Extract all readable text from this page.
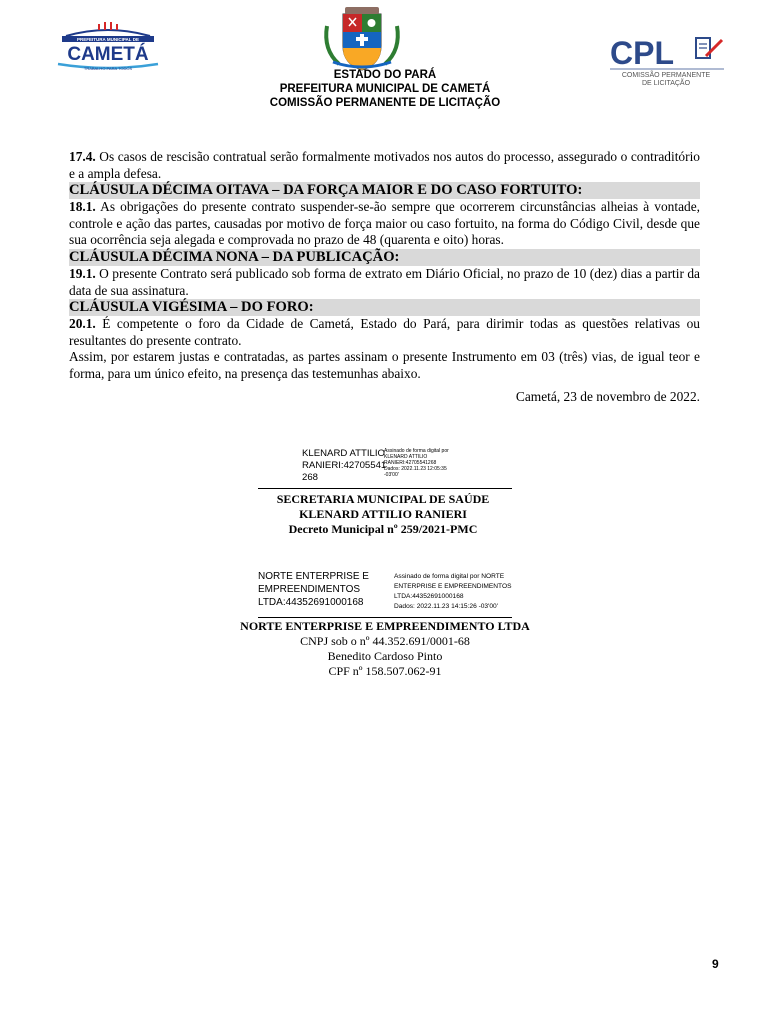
PREFEITURA MUNICIPAL DE
CAMETÁ
TRABALHO PARA TODOS	CPL
COMISSÃO PERMANENTE
DE LICITAÇÃO
ESTADO DO PARÁ
PREFEITURA MUNICIPAL DE CAMETÁ
COMISSÃO PERMANENTE DE LICITAÇÃO

17.4. Os casos de rescisão contratual serão formalmente motivados nos autos do processo, assegurado o contraditório e a ampla defesa.

CLÁUSULA DÉCIMA OITAVA – DA FORÇA MAIOR E DO CASO FORTUITO:

18.1. As obrigações do presente contrato suspender-se-ão sempre que ocorrerem circunstâncias alheias à vontade, controle e ação das partes, causadas por motivo de força maior ou caso fortuito, na forma do Código Civil, desde que sua ocorrência seja alegada e comprovada no prazo de 48 (quarenta e oito) horas.

CLÁUSULA DÉCIMA NONA – DA PUBLICAÇÃO:

19.1. O presente Contrato será publicado sob forma de extrato em Diário Oficial, no prazo de 10 (dez) dias a partir da data de sua assinatura.

CLÁUSULA VIGÉSIMA – DO FORO:

20.1. É competente o foro da Cidade de Cametá, Estado do Pará, para dirimir todas as questões relativas ou resultantes do presente contrato.

Assim, por estarem justas e contratadas, as partes assinam o presente Instrumento em 03 (três) vias, de igual teor e forma, para um único efeito, na presença das testemunhas abaixo.

Cametá, 23 de novembro de 2022.

KLENARD ATTILIO
RANIERI:42705541
268
Assinado de forma digital por
KLENARD ATTILIO
RANIERI:42705541268
Dados: 2022.11.23 12:05:35
-03'00'
SECRETARIA MUNICIPAL DE SAÚDE
KLENARD ATTILIO RANIERI
Decreto Municipal nº 259/2021-PMC
NORTE ENTERPRISE E
EMPREENDIMENTOS
LTDA:44352691000168
Assinado de forma digital por NORTE
ENTERPRISE E EMPREENDIMENTOS
LTDA:44352691000168
Dados: 2022.11.23 14:15:26 -03'00'
NORTE ENTERPRISE E EMPREENDIMENTO LTDA
CNPJ sob o nº 44.352.691/0001-68
Benedito Cardoso Pinto
CPF nº 158.507.062-91
9
